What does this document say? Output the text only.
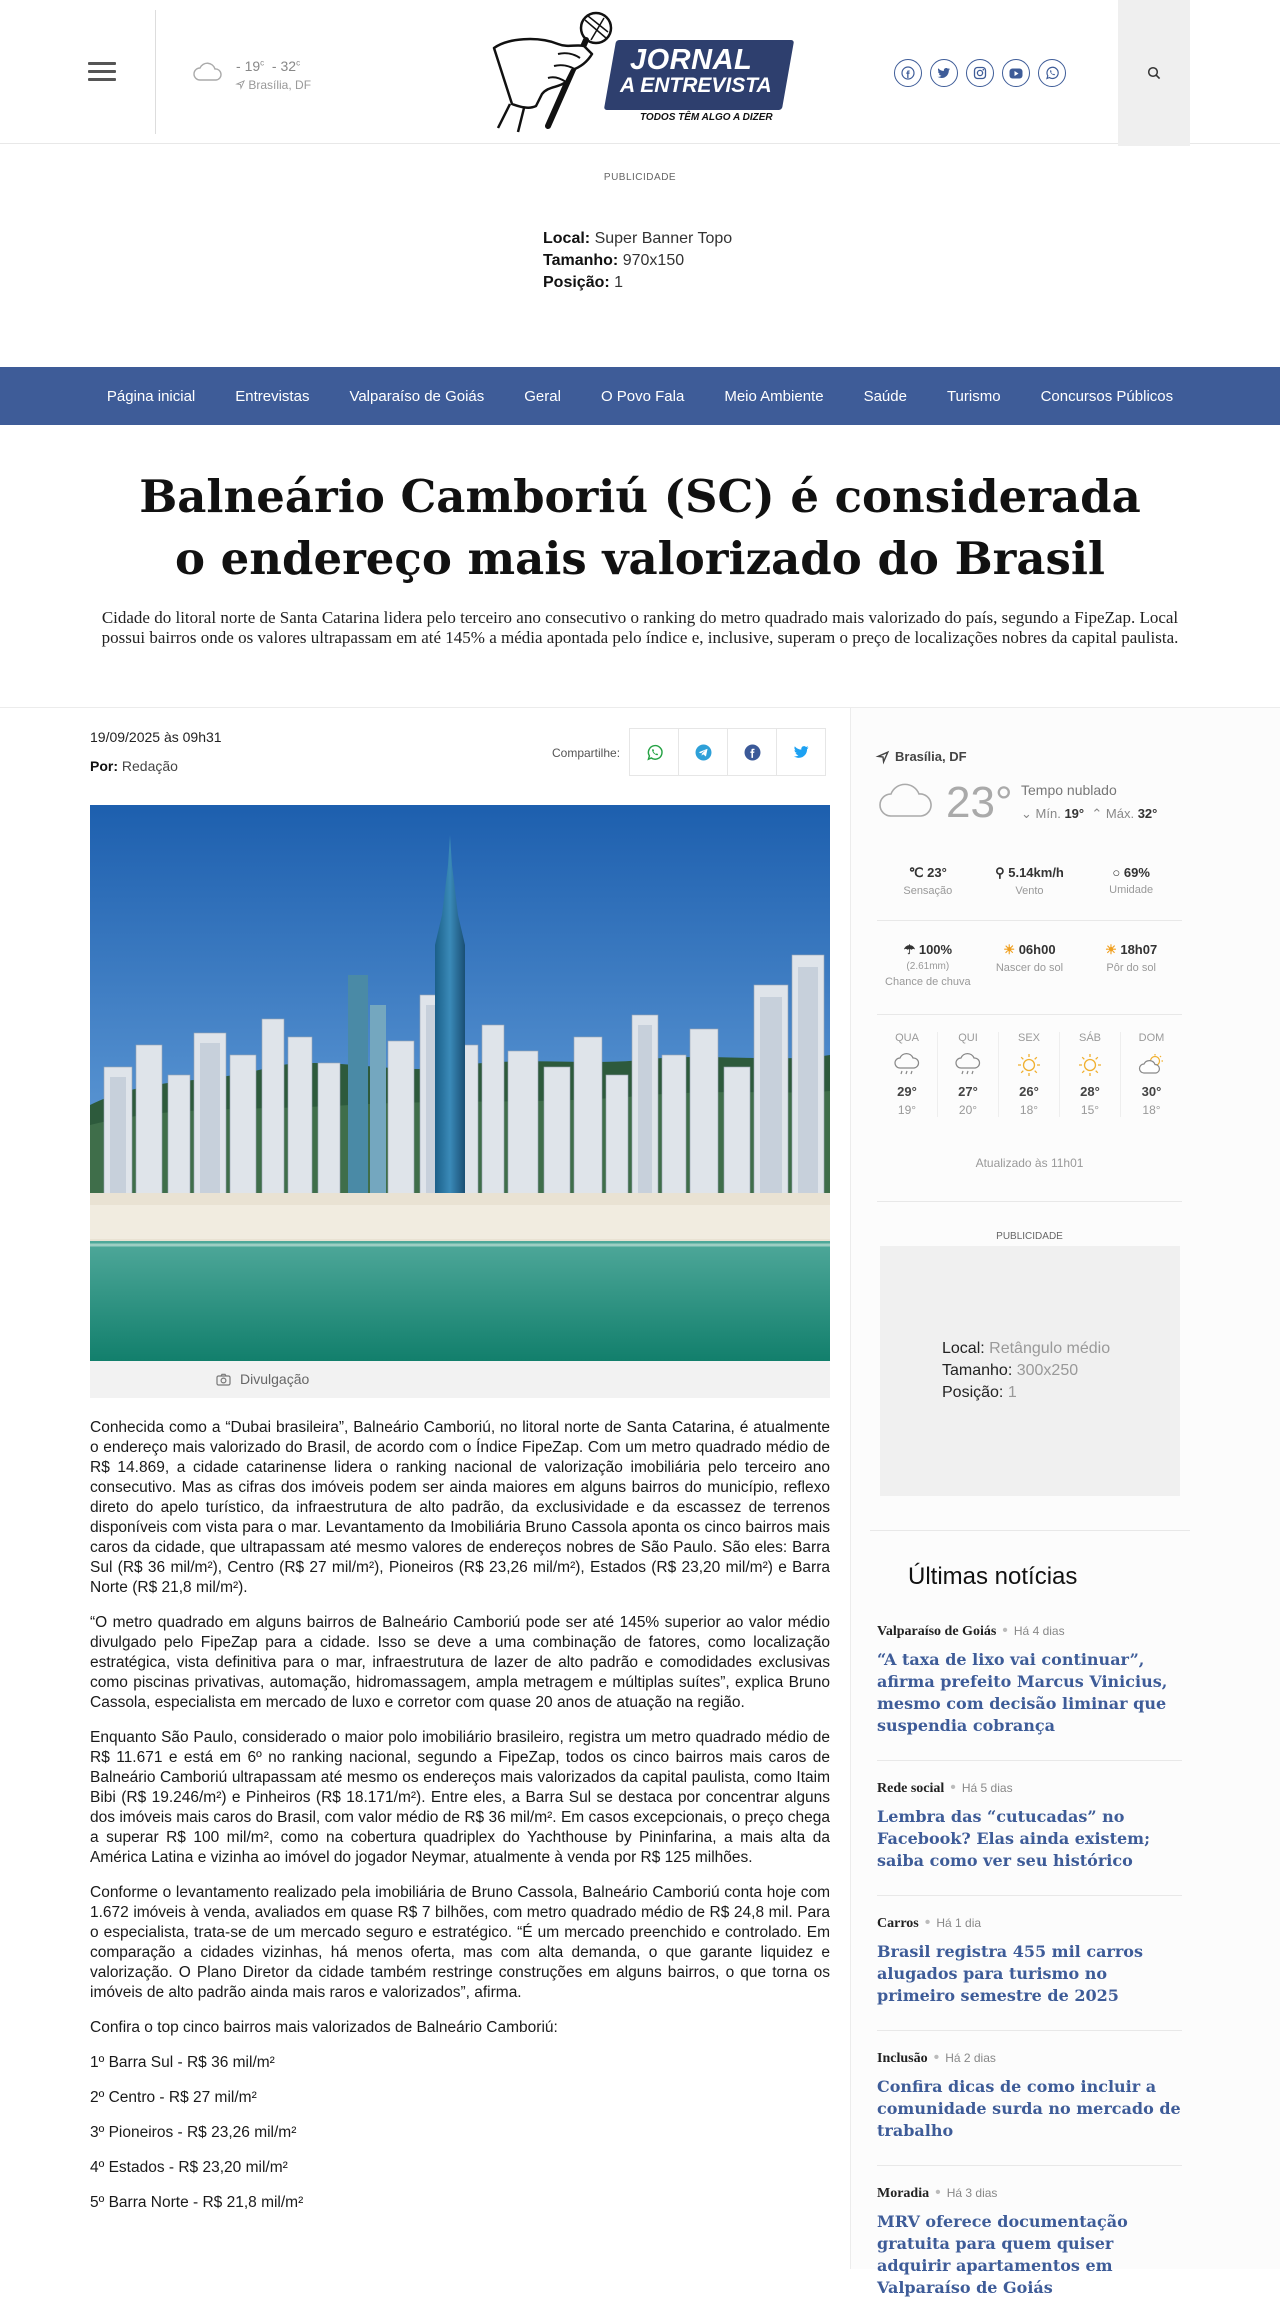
- 19$^c$  - 32$^c$
Brasília, DF
JORNAL
A ENTREVISTA
TODOS TÊM ALGO A DIZER
PUBLICIDADE
Local: Super Banner Topo
Tamanho: 970x150
Posição: 1
Página inicial	Entrevistas	Valparaíso de Goiás	Geral	O Povo Fala	Meio Ambiente	Saúde	Turismo	Concursos Públicos
Balneário Camboriú (SC) é considerada o endereço mais valorizado do Brasil

Cidade do litoral norte de Santa Catarina lidera pelo terceiro ano consecutivo o ranking do metro quadrado mais valorizado do país, segundo a FipeZap. Local possui bairros onde os valores ultrapassam em até 145% a média apontada pelo índice e, inclusive, superam o preço de localizações nobres da capital paulista.

19/09/2025 às 09h31
Por: Redação
Compartilhe:
Divulgação

Conhecida como a “Dubai brasileira”, Balneário Camboriú, no litoral norte de Santa Catarina, é atualmente o endereço mais valorizado do Brasil, de acordo com o Índice FipeZap. Com um metro quadrado médio de R$ 14.869, a cidade catarinense lidera o ranking nacional de valorização imobiliária pelo terceiro ano consecutivo. Mas as cifras dos imóveis podem ser ainda maiores em alguns bairros do município, reflexo direto do apelo turístico, da infraestrutura de alto padrão, da exclusividade e da escassez de terrenos disponíveis com vista para o mar. Levantamento da Imobiliária Bruno Cassola aponta os cinco bairros mais caros da cidade, que ultrapassam até mesmo valores de endereços nobres de São Paulo. São eles: Barra Sul (R$ 36 mil/m²), Centro (R$ 27 mil/m²), Pioneiros (R$ 23,26 mil/m²), Estados (R$ 23,20 mil/m²) e Barra Norte (R$ 21,8 mil/m²).

“O metro quadrado em alguns bairros de Balneário Camboriú pode ser até 145% superior ao valor médio divulgado pelo FipeZap para a cidade. Isso se deve a uma combinação de fatores, como localização estratégica, vista definitiva para o mar, infraestrutura de lazer de alto padrão e comodidades exclusivas como piscinas privativas, automação, hidromassagem, ampla metragem e múltiplas suítes”, explica Bruno Cassola, especialista em mercado de luxo e corretor com quase 20 anos de atuação na região.

Enquanto São Paulo, considerado o maior polo imobiliário brasileiro, registra um metro quadrado médio de R$ 11.671 e está em 6º no ranking nacional, segundo a FipeZap, todos os cinco bairros mais caros de Balneário Camboriú ultrapassam até mesmo os endereços mais valorizados da capital paulista, como Itaim Bibi (R$ 19.246/m²) e Pinheiros (R$ 18.171/m²). Entre eles, a Barra Sul se destaca por concentrar alguns dos imóveis mais caros do Brasil, com valor médio de R$ 36 mil/m². Em casos excepcionais, o preço chega a superar R$ 100 mil/m², como na cobertura quadriplex do Yachthouse by Pininfarina, a mais alta da América Latina e vizinha ao imóvel do jogador Neymar, atualmente à venda por R$ 125 milhões.

Conforme o levantamento realizado pela imobiliária de Bruno Cassola, Balneário Camboriú conta hoje com 1.672 imóveis à venda, avaliados em quase R$ 7 bilhões, com metro quadrado médio de R$ 24,8 mil. Para o especialista, trata-se de um mercado seguro e estratégico. “É um mercado preenchido e controlado. Em comparação a cidades vizinhas, há menos oferta, mas com alta demanda, o que garante liquidez e valorização. O Plano Diretor da cidade também restringe construções em alguns bairros, o que torna os imóveis de alto padrão ainda mais raros e valorizados”, afirma.

Confira o top cinco bairros mais valorizados de Balneário Camboriú:

1º Barra Sul - R$ 36 mil/m²

2º Centro - R$ 27 mil/m²

3º Pioneiros - R$ 23,26 mil/m²

4º Estados - R$ 23,20 mil/m²

5º Barra Norte - R$ 21,8 mil/m²

Brasília, DF
23° Tempo nublado
⌄ Mín. 19° ⌃ Máx. 32°
℃ 23°
Sensação
⚲ 5.14km/h
Vento
○ 69%
Umidade
☂ 100%
(2.61mm)
Chance de chuva
☀ 06h00
Nascer do sol
☀ 18h07
Pôr do sol
QUA
29°
19°
QUI
27°
20°
SEX
26°
18°
SÁB
28°
15°
DOM
30°
18°
Atualizado às 11h01
PUBLICIDADE
Local: Retângulo médio
Tamanho: 300x250
Posição: 1
Últimas notícias
Valparaíso de Goiás • Há 4 dias
“A taxa de lixo vai continuar”, afirma prefeito Marcus Vinicius, mesmo com decisão liminar que suspendia cobrança
Rede social • Há 5 dias
Lembra das “cutucadas” no Facebook? Elas ainda existem; saiba como ver seu histórico
Carros • Há 1 dia
Brasil registra 455 mil carros alugados para turismo no primeiro semestre de 2025
Inclusão • Há 2 dias
Confira dicas de como incluir a comunidade surda no mercado de trabalho
Moradia • Há 3 dias
MRV oferece documentação gratuita para quem quiser adquirir apartamentos em Valparaíso de Goiás
